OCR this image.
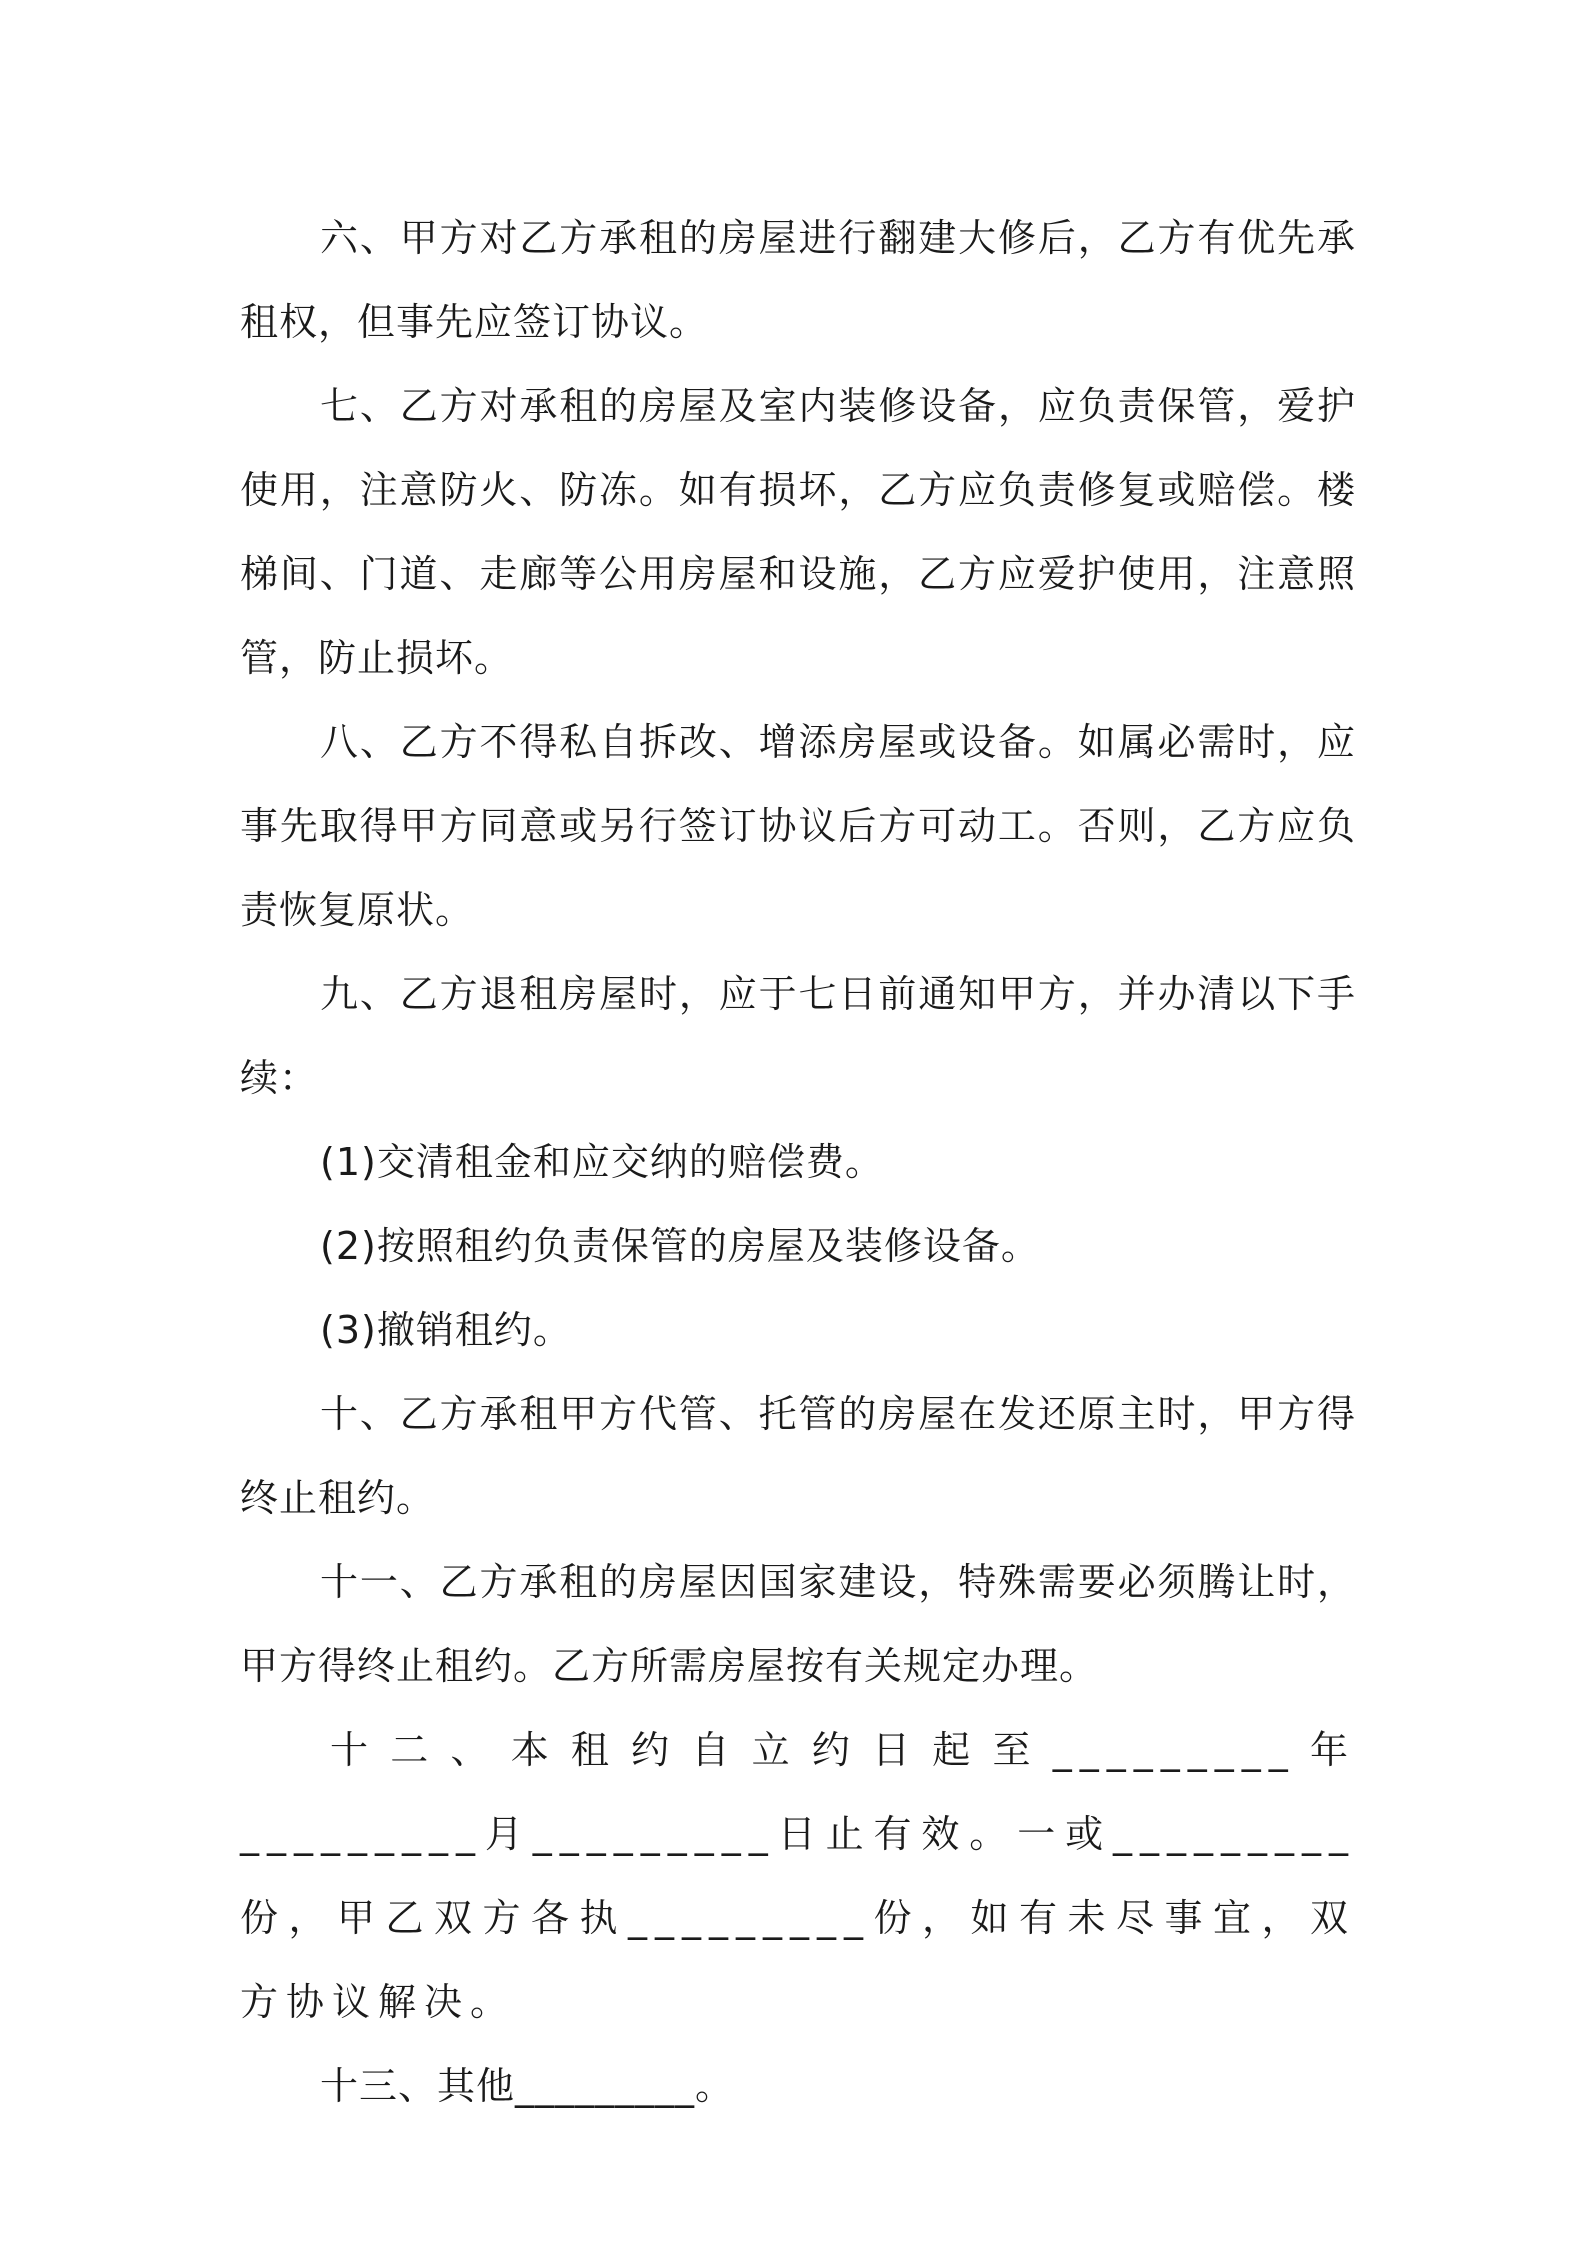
六、甲方对乙方承租的房屋进行翻建大修后，乙方有优先承租权，但事先应签订协议。

七、乙方对承租的房屋及室内装修设备，应负责保管，爱护使用，注意防火、防冻。如有损坏，乙方应负责修复或赔偿。楼梯间、门道、走廊等公用房屋和设施，乙方应爱护使用，注意照管，防止损坏。

八、乙方不得私自拆改、增添房屋或设备。如属必需时，应事先取得甲方同意或另行签订协议后方可动工。否则，乙方应负责恢复原状。

九、乙方退租房屋时，应于七日前通知甲方，并办清以下手续：

(1)交清租金和应交纳的赔偿费。

(2)按照租约负责保管的房屋及装修设备。

(3)撤销租约。

十、乙方承租甲方代管、托管的房屋在发还原主时，甲方得终止租约。

十一、乙方承租的房屋因国家建设，特殊需要必须腾让时，甲方得终止租约。乙方所需房屋按有关规定办理。

十二、本租约自立约日起至_________年_________月_________日止有效。一或_________份，甲乙双方各执_________份，如有未尽事宜，双方协议解决。

十三、其他_________。
